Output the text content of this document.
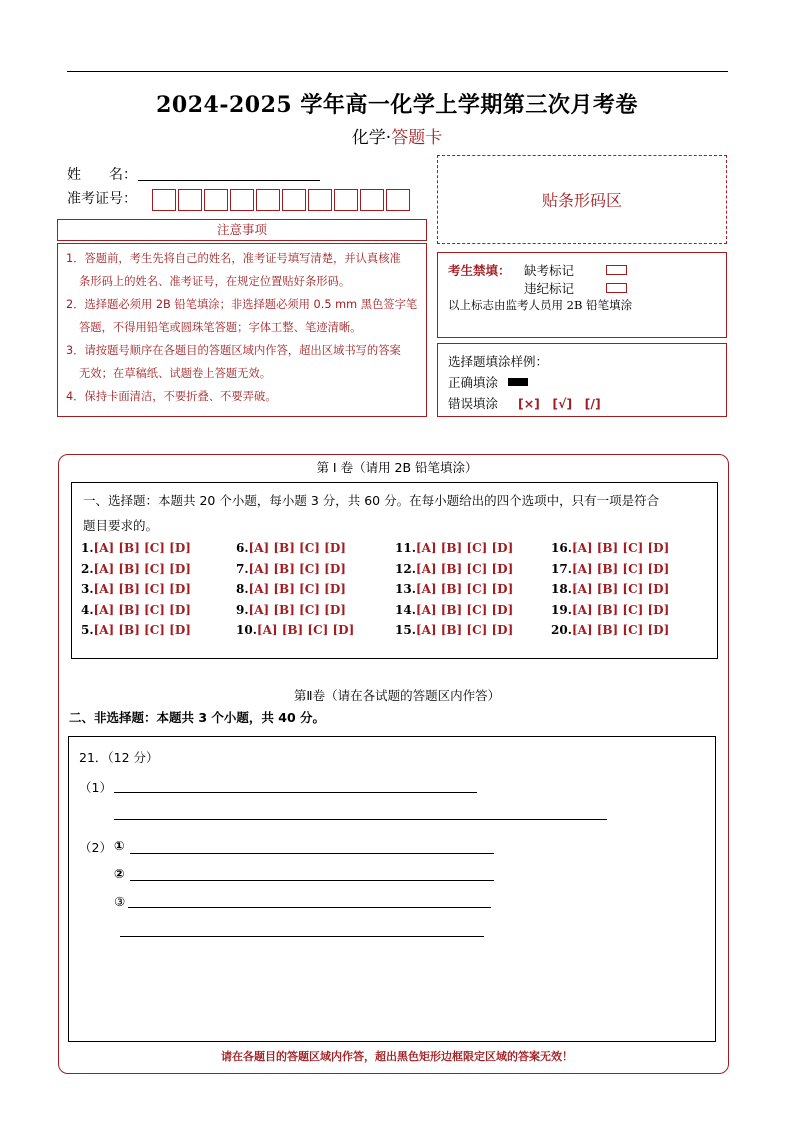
2024-2025 学年高一化学上学期第三次月考卷
化学·答题卡
姓　　名：
准考证号：	贴条形码区
注意事项
1．答题前，考生先将自己的姓名，准考证号填写清楚，并认真核准
条形码上的姓名、准考证号，在规定位置贴好条形码。
2．选择题必须用 2B 铅笔填涂；非选择题必须用 0.5 mm 黑色签字笔
答题，不得用铅笔或圆珠笔答题；字体工整、笔迹清晰。
3．请按题号顺序在各题目的答题区域内作答，超出区域书写的答案
无效；在草稿纸、试题卷上答题无效。
4．保持卡面清洁，不要折叠、不要弄破。
考生禁填： 缺考标记
违纪标记
以上标志由监考人员用 2B 铅笔填涂
选择题填涂样例：
正确填涂
错误填涂 [×]　[√]　[/]
第 I 卷（请用 2B 铅笔填涂）
一、选择题：本题共 20 个小题，每小题 3 分，共 60 分。在每小题给出的四个选项中，只有一项是符合
题目要求的。
1.[A] [B] [C] [D]
2.[A] [B] [C] [D]
3.[A] [B] [C] [D]
4.[A] [B] [C] [D]
5.[A] [B] [C] [D]
6.[A] [B] [C] [D]
7.[A] [B] [C] [D]
8.[A] [B] [C] [D]
9.[A] [B] [C] [D]
10.[A] [B] [C] [D]
11.[A] [B] [C] [D]
12.[A] [B] [C] [D]
13.[A] [B] [C] [D]
14.[A] [B] [C] [D]
15.[A] [B] [C] [D]
16.[A] [B] [C] [D]
17.[A] [B] [C] [D]
18.[A] [B] [C] [D]
19.[A] [B] [C] [D]
20.[A] [B] [C] [D]
第Ⅱ卷（请在各试题的答题区内作答）
二、非选择题：本题共 3 个小题，共 40 分。
21．（12 分）
（1）
（2） ①
②
③
请在各题目的答题区域内作答，超出黑色矩形边框限定区域的答案无效！
